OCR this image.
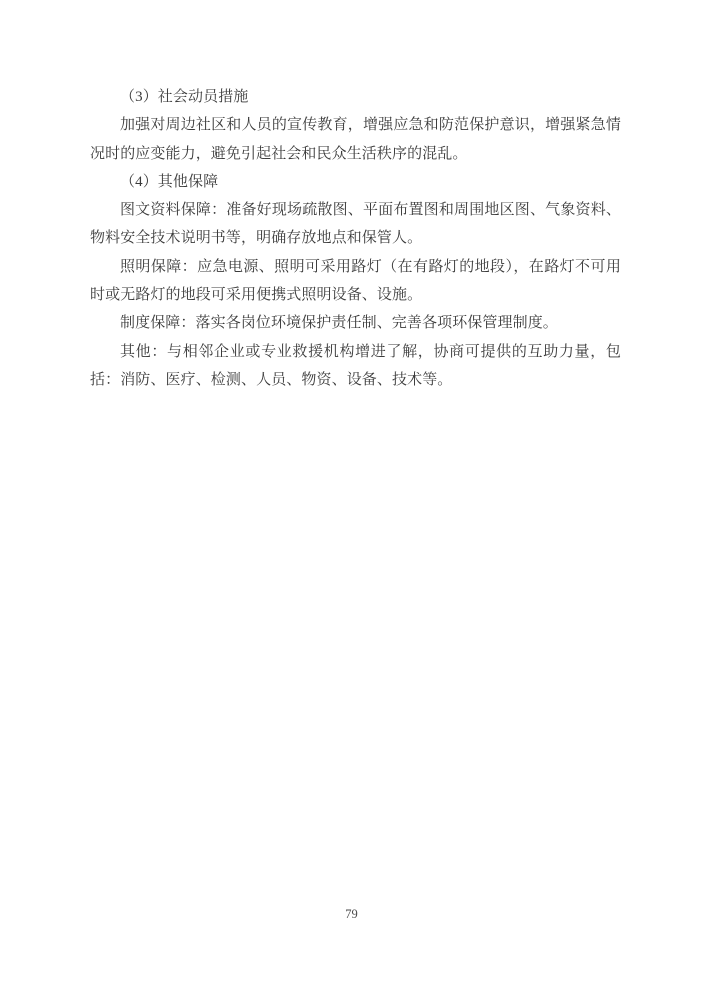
（3）社会动员措施

加强对周边社区和人员的宣传教育，增强应急和防范保护意识，增强紧急情况时的应变能力，避免引起社会和民众生活秩序的混乱。

（4）其他保障

图文资料保障：准备好现场疏散图、平面布置图和周围地区图、气象资料、物料安全技术说明书等，明确存放地点和保管人。

照明保障：应急电源、照明可采用路灯（在有路灯的地段），在路灯不可用时或无路灯的地段可采用便携式照明设备、设施。

制度保障：落实各岗位环境保护责任制、完善各项环保管理制度。

其他：与相邻企业或专业救援机构增进了解，协商可提供的互助力量，包括：消防、医疗、检测、人员、物资、设备、技术等。

79
